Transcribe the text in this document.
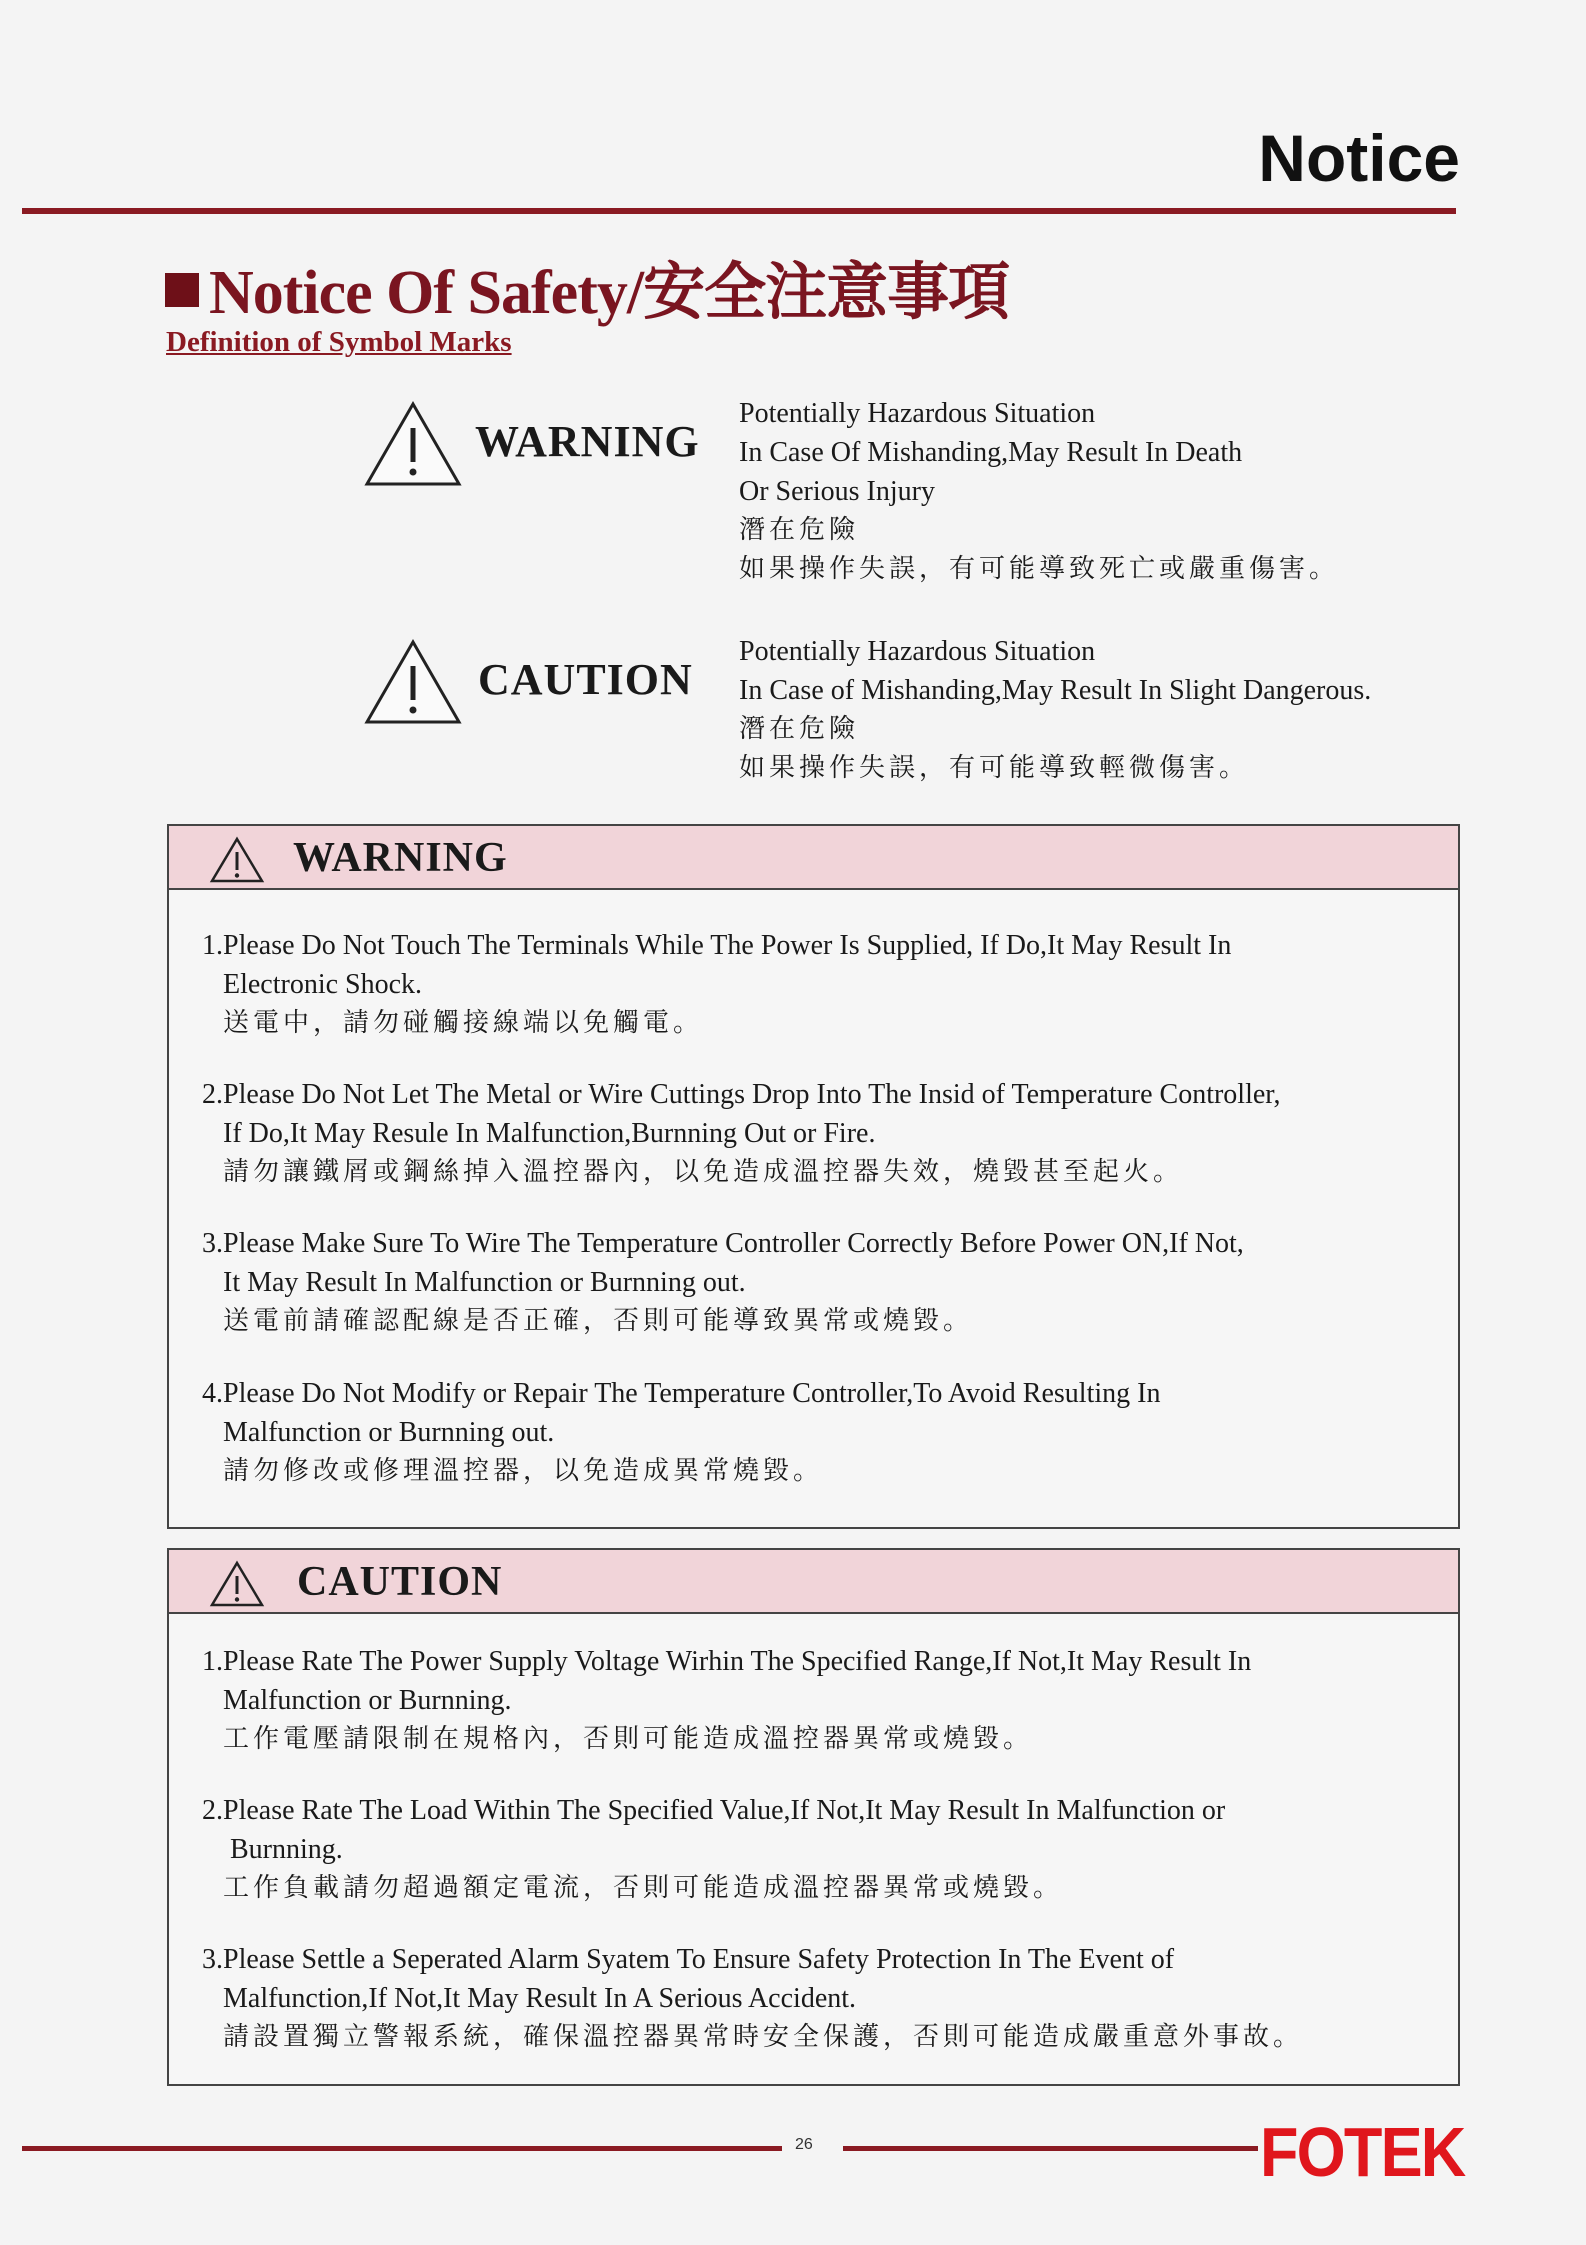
Notice
Notice Of Safety/安全注意事項
Definition of Symbol Marks
WARNING
Potentially Hazardous Situation
In Case Of Mishanding,May Result In Death
Or Serious Injury
潛在危險
如果操作失誤，有可能導致死亡或嚴重傷害。
CAUTION
Potentially Hazardous Situation
In Case of Mishanding,May Result In Slight Dangerous.
潛在危險
如果操作失誤，有可能導致輕微傷害。
WARNING
1.Please Do Not Touch The Terminals While The Power Is Supplied, If Do,It May Result In
Electronic Shock.
送電中，請勿碰觸接線端以免觸電。
2.Please Do Not Let The Metal or Wire Cuttings Drop Into The Insid of Temperature Controller,
If Do,It May Resule In Malfunction,Burnning Out or Fire.
請勿讓鐵屑或鋼絲掉入溫控器內，以免造成溫控器失效，燒毀甚至起火。
3.Please Make Sure To Wire The Temperature Controller Correctly Before Power ON,If Not,
It May Result In Malfunction or Burnning out.
送電前請確認配線是否正確，否則可能導致異常或燒毀。
4.Please Do Not Modify or Repair The Temperature Controller,To Avoid Resulting In
Malfunction or Burnning out.
請勿修改或修理溫控器，以免造成異常燒毀。
CAUTION
1.Please Rate The Power Supply Voltage Wirhin The Specified Range,If Not,It May Result In
Malfunction or Burnning.
工作電壓請限制在規格內，否則可能造成溫控器異常或燒毀。
2.Please Rate The Load Within The Specified Value,If Not,It May Result In Malfunction or
Burnning.
工作負載請勿超過額定電流，否則可能造成溫控器異常或燒毀。
3.Please Settle a Seperated Alarm Syatem To Ensure Safety Protection In The Event of
Malfunction,If Not,It May Result In A Serious Accident.
請設置獨立警報系統，確保溫控器異常時安全保護，否則可能造成嚴重意外事故。
26	FOTEK
